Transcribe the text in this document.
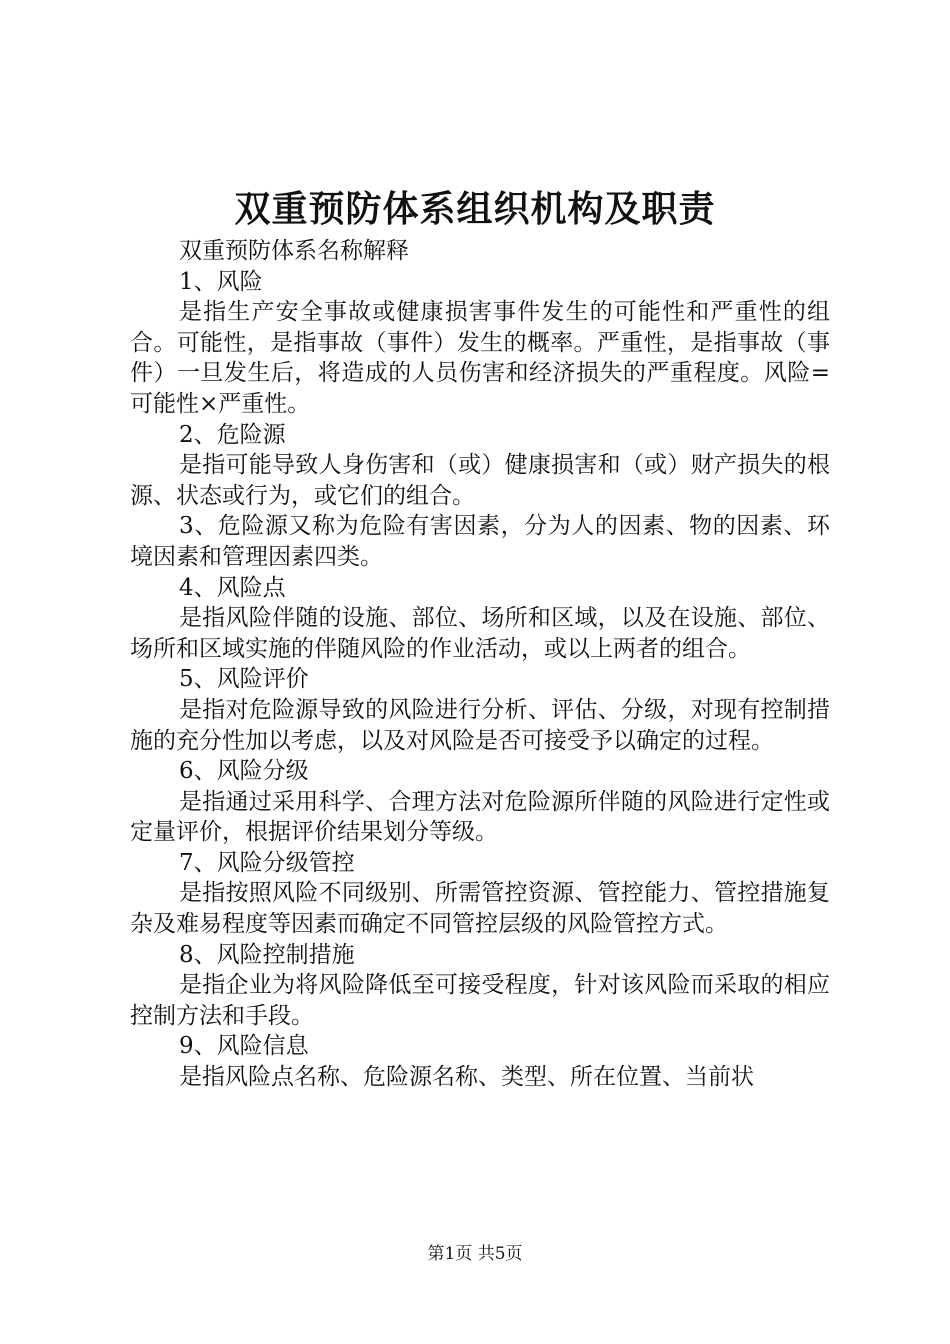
双重预防体系组织机构及职责

双重预防体系名称解释

1、风险

是指生产安全事故或健康损害事件发生的可能性和严重性的组合。可能性，是指事故（事件）发生的概率。严重性，是指事故（事件）一旦发生后，将造成的人员伤害和经济损失的严重程度。风险=可能性×严重性。

2、危险源

是指可能导致人身伤害和（或）健康损害和（或）财产损失的根源、状态或行为，或它们的组合。

3、危险源又称为危险有害因素，分为人的因素、物的因素、环境因素和管理因素四类。

4、风险点

是指风险伴随的设施、部位、场所和区域，以及在设施、部位、场所和区域实施的伴随风险的作业活动，或以上两者的组合。

5、风险评价

是指对危险源导致的风险进行分析、评估、分级，对现有控制措施的充分性加以考虑，以及对风险是否可接受予以确定的过程。

6、风险分级

是指通过采用科学、合理方法对危险源所伴随的风险进行定性或定量评价，根据评价结果划分等级。

7、风险分级管控

是指按照风险不同级别、所需管控资源、管控能力、管控措施复杂及难易程度等因素而确定不同管控层级的风险管控方式。

8、风险控制措施

是指企业为将风险降低至可接受程度，针对该风险而采取的相应控制方法和手段。

9、风险信息

是指风险点名称、危险源名称、类型、所在位置、当前状

第1页 共5页
